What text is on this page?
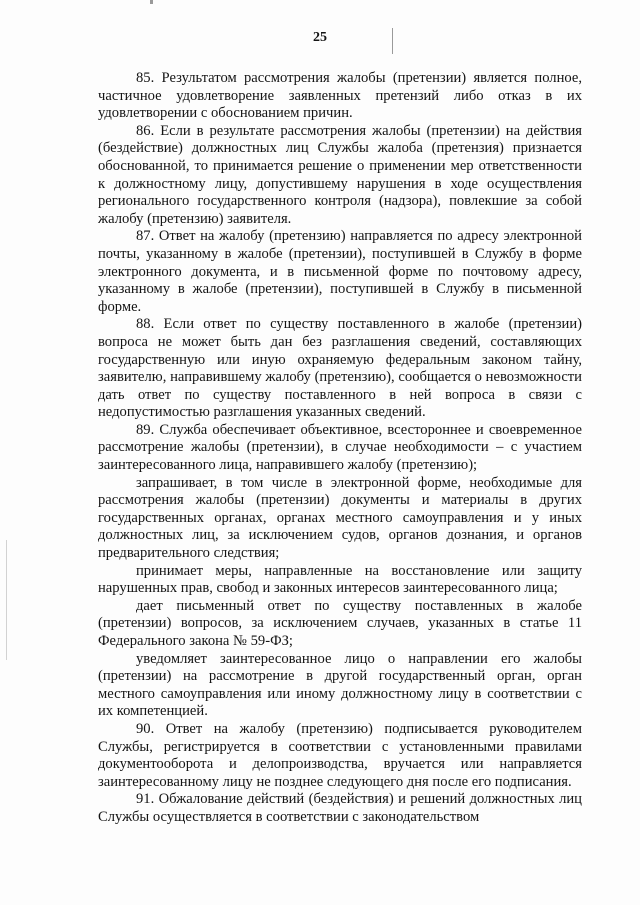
25

85. Результатом рассмотрения жалобы (претензии) является полное, частичное удовлетворение заявленных претензий либо отказ в их удовлетворении с обоснованием причин.

86. Если в результате рассмотрения жалобы (претензии) на действия (бездействие) должностных лиц Службы жалоба (претензия) признается обоснованной, то принимается решение о применении мер ответственности к должностному лицу, допустившему нарушения в ходе осуществления регионального государственного контроля (надзора), повлекшие за собой жалобу (претензию) заявителя.

87. Ответ на жалобу (претензию) направляется по адресу электронной почты, указанному в жалобе (претензии), поступившей в Службу в форме электронного документа, и в письменной форме по почтовому адресу, указанному в жалобе (претензии), поступившей в Службу в письменной форме.

88. Если ответ по существу поставленного в жалобе (претензии) вопроса не может быть дан без разглашения сведений, составляющих государственную или иную охраняемую федеральным законом тайну, заявителю, направившему жалобу (претензию), сообщается о невозможности дать ответ по существу поставленного в ней вопроса в связи с недопустимостью разглашения указанных сведений.

89. Служба обеспечивает объективное, всестороннее и своевременное рассмотрение жалобы (претензии), в случае необходимости – с участием заинтересованного лица, направившего жалобу (претензию);

запрашивает, в том числе в электронной форме, необходимые для рассмотрения жалобы (претензии) документы и материалы в других государственных органах, органах местного самоуправления и у иных должностных лиц, за исключением судов, органов дознания, и органов предварительного следствия;

принимает меры, направленные на восстановление или защиту нарушенных прав, свобод и законных интересов заинтересованного лица;

дает письменный ответ по существу поставленных в жалобе (претензии) вопросов, за исключением случаев, указанных в статье 11 Федерального закона № 59-ФЗ;

уведомляет заинтересованное лицо о направлении его жалобы (претензии) на рассмотрение в другой государственный орган, орган местного самоуправления или иному должностному лицу в соответствии с их компетенцией.

90. Ответ на жалобу (претензию) подписывается руководителем Службы, регистрируется в соответствии с установленными правилами документооборота и делопроизводства, вручается или направляется заинтересованному лицу не позднее следующего дня после его подписания.

91. Обжалование действий (бездействия) и решений должностных лиц Службы осуществляется в соответствии с законодательством
